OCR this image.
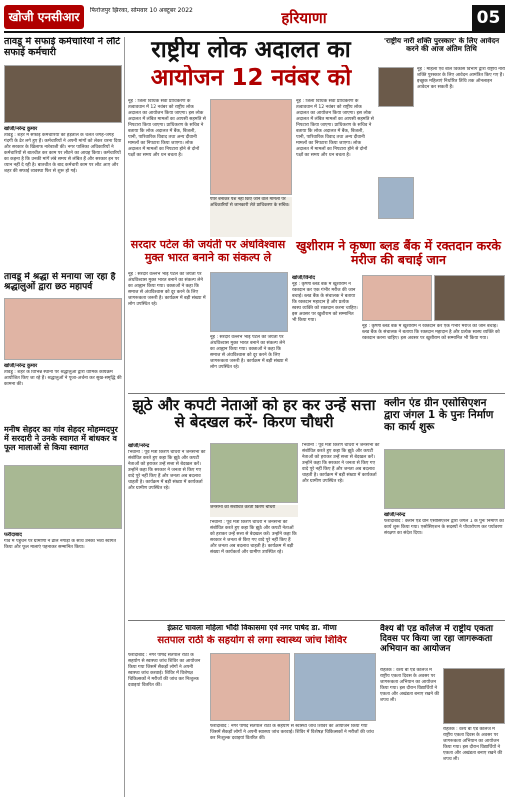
खोजी एनसीआर	फिरोजपुर झिरका, सोमवार 10 अक्टूबर 2022	हरियाणा	05
तावडू में सफाई कर्मचारियों ने लौटे सफाई कर्मचारी
खोजी/नरेन्द्र कुमार
तावडू : शहर में सफाई कर्मचारियों की हड़ताल के चलते जगह-जगह गंदगी के ढेर लगे हुए हैं। कर्मचारियों ने अपनी मांगों को लेकर धरना दिया और सरकार के खिलाफ नारेबाजी की। नगर पालिका अधिकारियों ने कर्मचारियों से बातचीत कर काम पर लौटने का आग्रह किया। कर्मचारियों का कहना है कि उनकी मांगें लंबे समय से लंबित हैं और सरकार इन पर ध्यान नहीं दे रही है। बातचीत के बाद कर्मचारी काम पर लौट आए और शहर की सफाई व्यवस्था फिर से शुरू हो गई।
तावडू में श्रद्धा से मनाया जा रहा है श्रद्धालुओं द्वारा छठ महापर्व
खोजी/नरेन्द्र कुमार
तावडू : शहर के विभिन्न स्थानों पर श्रद्धालुओं द्वारा धार्मिक कार्यक्रम आयोजित किए जा रहे हैं। श्रद्धालुओं ने पूजा-अर्चना कर सुख-समृद्धि की कामना की।
मनीष सेहदर का गांव सेहदर मोहम्मदपुर में सरदारी ने उनके स्वागत में बांधकर व फूल मालाओं से किया स्वागत
फरीदाबाद
गांव में पहुंचने पर ग्रामीणों ने ढोल नगाड़ों के साथ उनका भव्य स्वागत किया और फूल मालाएं पहनाकर सम्मानित किया।
राष्ट्रीय लोक अदालत का
आयोजन 12 नवंबर को
नूंह : जिला विधिक सेवा प्राधिकरण के तत्वावधान में 12 नवंबर को राष्ट्रीय लोक अदालत का आयोजन किया जाएगा। इस लोक अदालत में लंबित मामलों का आपसी सहमति से निपटारा किया जाएगा। प्राधिकरण के सचिव ने बताया कि लोक अदालत में बैंक, बिजली, पानी, पारिवारिक विवाद तथा अन्य दीवानी मामलों का निपटारा किया जाएगा। लोक अदालत में मामलों का निपटारा होने से दोनों पक्षों का समय और धन बचता है।
पेपर बनाकर पेश नहीं किए जाने वाले मामलों पर अधिकारियों से जानकारी लेते प्राधिकरण के सचिव।
नूंह : जिला विधिक सेवा प्राधिकरण के तत्वावधान में 12 नवंबर को राष्ट्रीय लोक अदालत का आयोजन किया जाएगा। इस लोक अदालत में लंबित मामलों का आपसी सहमति से निपटारा किया जाएगा। प्राधिकरण के सचिव ने बताया कि लोक अदालत में बैंक, बिजली, पानी, पारिवारिक विवाद तथा अन्य दीवानी मामलों का निपटारा किया जाएगा। लोक अदालत में मामलों का निपटारा होने से दोनों पक्षों का समय और धन बचता है।
सरदार पटेल की जयंती पर अंधविश्वास मुक्त भारत बनाने का संकल्प ले
नूंह : सरदार वल्लभ भाई पटेल की जयंती पर अंधविश्वास मुक्त भारत बनाने का संकल्प लेने का आह्वान किया गया। वक्ताओं ने कहा कि समाज से अंधविश्वास को दूर करने के लिए जागरूकता जरूरी है। कार्यक्रम में बड़ी संख्या में लोग उपस्थित रहे।
नूंह : सरदार वल्लभ भाई पटेल की जयंती पर अंधविश्वास मुक्त भारत बनाने का संकल्प लेने का आह्वान किया गया। वक्ताओं ने कहा कि समाज से अंधविश्वास को दूर करने के लिए जागरूकता जरूरी है। कार्यक्रम में बड़ी संख्या में लोग उपस्थित रहे।
खुशीराम ने कृष्णा ब्लड बैंक में रक्तदान करके मरीज की बचाई जान
खोजी/विनोद
नूंह : कृष्णा ब्लड बैंक में खुशीराम ने रक्तदान कर एक गंभीर मरीज की जान बचाई। ब्लड बैंक के संचालक ने बताया कि रक्तदान महादान है और प्रत्येक स्वस्थ व्यक्ति को रक्तदान करना चाहिए। इस अवसर पर खुशीराम को सम्मानित भी किया गया।
नूंह : कृष्णा ब्लड बैंक में खुशीराम ने रक्तदान कर एक गंभीर मरीज की जान बचाई। ब्लड बैंक के संचालक ने बताया कि रक्तदान महादान है और प्रत्येक स्वस्थ व्यक्ति को रक्तदान करना चाहिए। इस अवसर पर खुशीराम को सम्मानित भी किया गया।
'राष्ट्रीय नारी शक्ति पुरस्कार' के लिए आवेदन करने की आज अंतिम तिथि
नूंह : महिला एवं बाल विकास विभाग द्वारा राष्ट्रीय नारी शक्ति पुरस्कार के लिए आवेदन आमंत्रित किए गए हैं। इच्छुक महिलाएं निर्धारित तिथि तक ऑनलाइन आवेदन कर सकती हैं।
झूठे और कपटी नेताओं को हर कर उन्हें सत्ता से बेदखल करें- किरण चौधरी
खोजी/नरेन्द्र
भिवानी : पूर्व मंत्री किरण चौधरी ने जनसभा को संबोधित करते हुए कहा कि झूठे और कपटी नेताओं को हराकर उन्हें सत्ता से बेदखल करें। उन्होंने कहा कि सरकार ने जनता से किए गए वादे पूरे नहीं किए हैं और जनता अब बदलाव चाहती है। कार्यक्रम में बड़ी संख्या में कार्यकर्ता और ग्रामीण उपस्थित रहे।
जनसभा को संबोधित करती किरण चौधरी
भिवानी : पूर्व मंत्री किरण चौधरी ने जनसभा को संबोधित करते हुए कहा कि झूठे और कपटी नेताओं को हराकर उन्हें सत्ता से बेदखल करें। उन्होंने कहा कि सरकार ने जनता से किए गए वादे पूरे नहीं किए हैं और जनता अब बदलाव चाहती है। कार्यक्रम में बड़ी संख्या में कार्यकर्ता और ग्रामीण उपस्थित रहे।
भिवानी : पूर्व मंत्री किरण चौधरी ने जनसभा को संबोधित करते हुए कहा कि झूठे और कपटी नेताओं को हराकर उन्हें सत्ता से बेदखल करें। उन्होंने कहा कि सरकार ने जनता से किए गए वादे पूरे नहीं किए हैं और जनता अब बदलाव चाहती है। कार्यक्रम में बड़ी संख्या में कार्यकर्ता और ग्रामीण उपस्थित रहे।
क्लीन एंड ग्रीन एसोसिएशन द्वारा जंगल 1 के पुनः निर्माण का कार्य शुरू
खोजी/नरेन्द्र
फरीदाबाद : क्लीन एंड ग्रीन एसोसिएशन द्वारा जंगल 1 के पुनः निर्माण का कार्य शुरू किया गया। एसोसिएशन के सदस्यों ने पौधारोपण कर पर्यावरण संरक्षण का संदेश दिया।
इंफ्राट चावला महिला भौंदी विकासमा एवं नगर पार्षद डा. मीणा
सतपाल राठी के सहयोग से लगा स्वास्थ्य जांच शिविर
फरीदाबाद : नगर पार्षद सतपाल राठी के सहयोग से स्वास्थ्य जांच शिविर का आयोजन किया गया जिसमें सैकड़ों लोगों ने अपनी स्वास्थ्य जांच करवाई। शिविर में विशेषज्ञ चिकित्सकों ने मरीजों की जांच कर निःशुल्क दवाइयां वितरित कीं।
फरीदाबाद : नगर पार्षद सतपाल राठी के सहयोग से स्वास्थ्य जांच शिविर का आयोजन किया गया जिसमें सैकड़ों लोगों ने अपनी स्वास्थ्य जांच करवाई। शिविर में विशेषज्ञ चिकित्सकों ने मरीजों की जांच कर निःशुल्क दवाइयां वितरित कीं।
वैश्य बी एड कॉलेज में राष्ट्रीय एकता दिवस पर किया जा रहा जागरूकता अभियान का आयोजन
रोहतक : वैश्य बी एड कॉलेज में राष्ट्रीय एकता दिवस के अवसर पर जागरूकता अभियान का आयोजन किया गया। इस दौरान विद्यार्थियों ने एकता और अखंडता बनाए रखने की शपथ ली।
रोहतक : वैश्य बी एड कॉलेज में राष्ट्रीय एकता दिवस के अवसर पर जागरूकता अभियान का आयोजन किया गया। इस दौरान विद्यार्थियों ने एकता और अखंडता बनाए रखने की शपथ ली।
